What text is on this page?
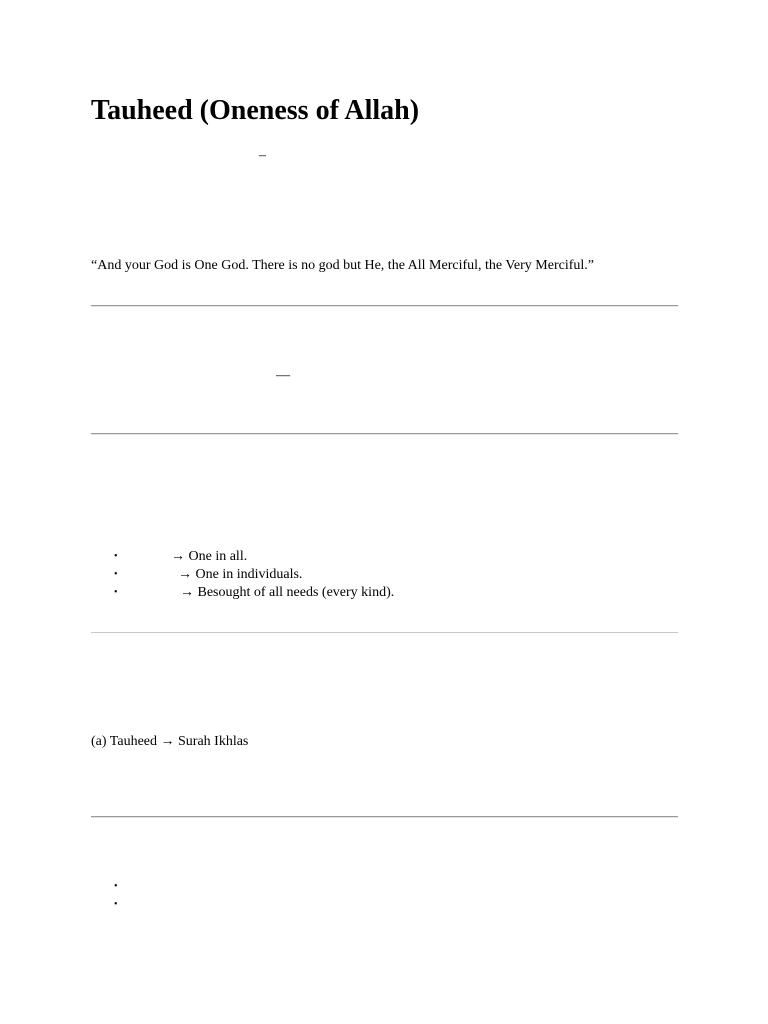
Tauheed (Oneness of Allah)
–
“And your God is One God. There is no god but He, the All Merciful, the Very Merciful.”
—
•	→ One in all.
•	→ One in individuals.
•	→ Besought of all needs (every kind).
(a) Tauheed → Surah Ikhlas
•
•
